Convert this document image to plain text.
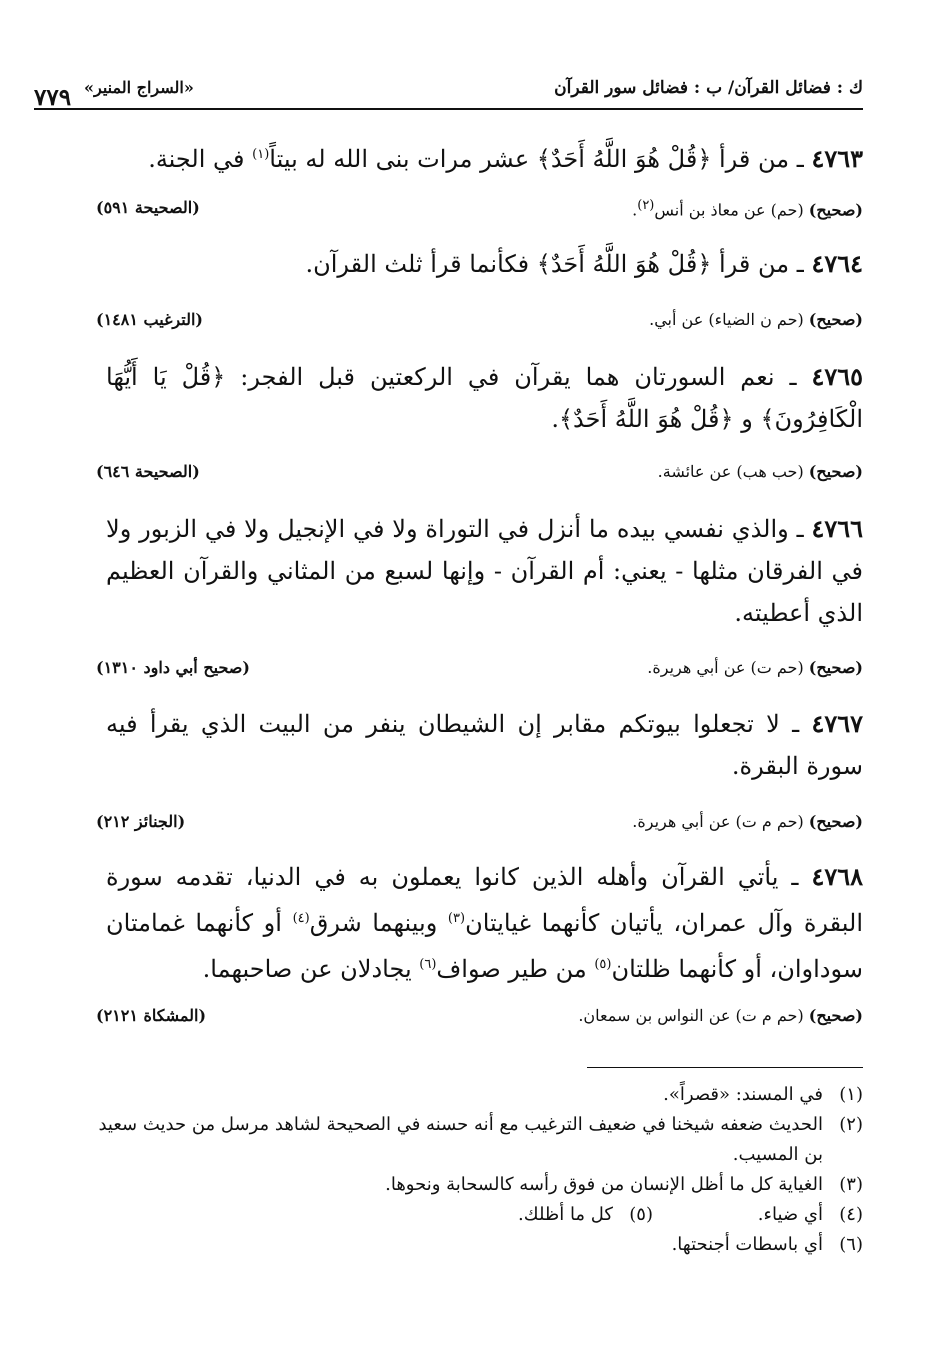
ك : فضائل القرآن/ ب : فضائل سور القرآن
«السراج المنير»
٧٧٩

٤٧٦٣ ـ من قرأ ﴿قُلْ هُوَ اللَّهُ أَحَدٌ﴾ عشر مرات بنى الله له بيتاً$^{(١)}$ في الجنة.

(صحيح) (حم) عن معاذ بن أنس$^{(٢)}$.
(الصحيحة ٥٩١)

٤٧٦٤ ـ من قرأ ﴿قُلْ هُوَ اللَّهُ أَحَدٌ﴾ فكأنما قرأ ثلث القرآن.

(صحيح) (حم ن الضياء) عن أبي.
(الترغيب ١٤٨١)

٤٧٦٥ ـ نعم السورتان هما يقرآن في الركعتين قبل الفجر: ﴿قُلْ يَا أَيُّهَا الْكَافِرُونَ﴾ و ﴿قُلْ هُوَ اللَّهُ أَحَدٌ﴾.

(صحيح) (حب هب) عن عائشة.
(الصحيحة ٦٤٦)

٤٧٦٦ ـ والذي نفسي بيده ما أنزل في التوراة ولا في الإنجيل ولا في الزبور ولا في الفرقان مثلها - يعني: أم القرآن - وإنها لسبع من المثاني والقرآن العظيم الذي أعطيته.

(صحيح) (حم ت) عن أبي هريرة.
(صحيح أبي داود ١٣١٠)

٤٧٦٧ ـ لا تجعلوا بيوتكم مقابر إن الشيطان ينفر من البيت الذي يقرأ فيه سورة البقرة.

(صحيح) (حم م ت) عن أبي هريرة.
(الجنائز ٢١٢)

٤٧٦٨ ـ يأتي القرآن وأهله الذين كانوا يعملون به في الدنيا، تقدمه سورة البقرة وآل عمران، يأتيان كأنهما غيايتان$^{(٣)}$ وبينهما شرق$^{(٤)}$ أو كأنهما غمامتان سوداوان، أو كأنهما ظلتان$^{(٥)}$ من طير صواف$^{(٦)}$ يجادلان عن صاحبهما.

(صحيح) (حم م ت) عن النواس بن سمعان.
(المشكاة ٢١٢١)
(١)
في المسند: «قصراً».
(٢)
الحديث ضعفه شيخنا في ضعيف الترغيب مع أنه حسنه في الصحيحة لشاهد مرسل من حديث سعيد بن المسيب.
(٣)
الغياية كل ما أظل الإنسان من فوق رأسه كالسحابة ونحوها.
(٤)
أي ضياء.
(٥)
كل ما أظلك.
(٦)
أي باسطات أجنحتها.
